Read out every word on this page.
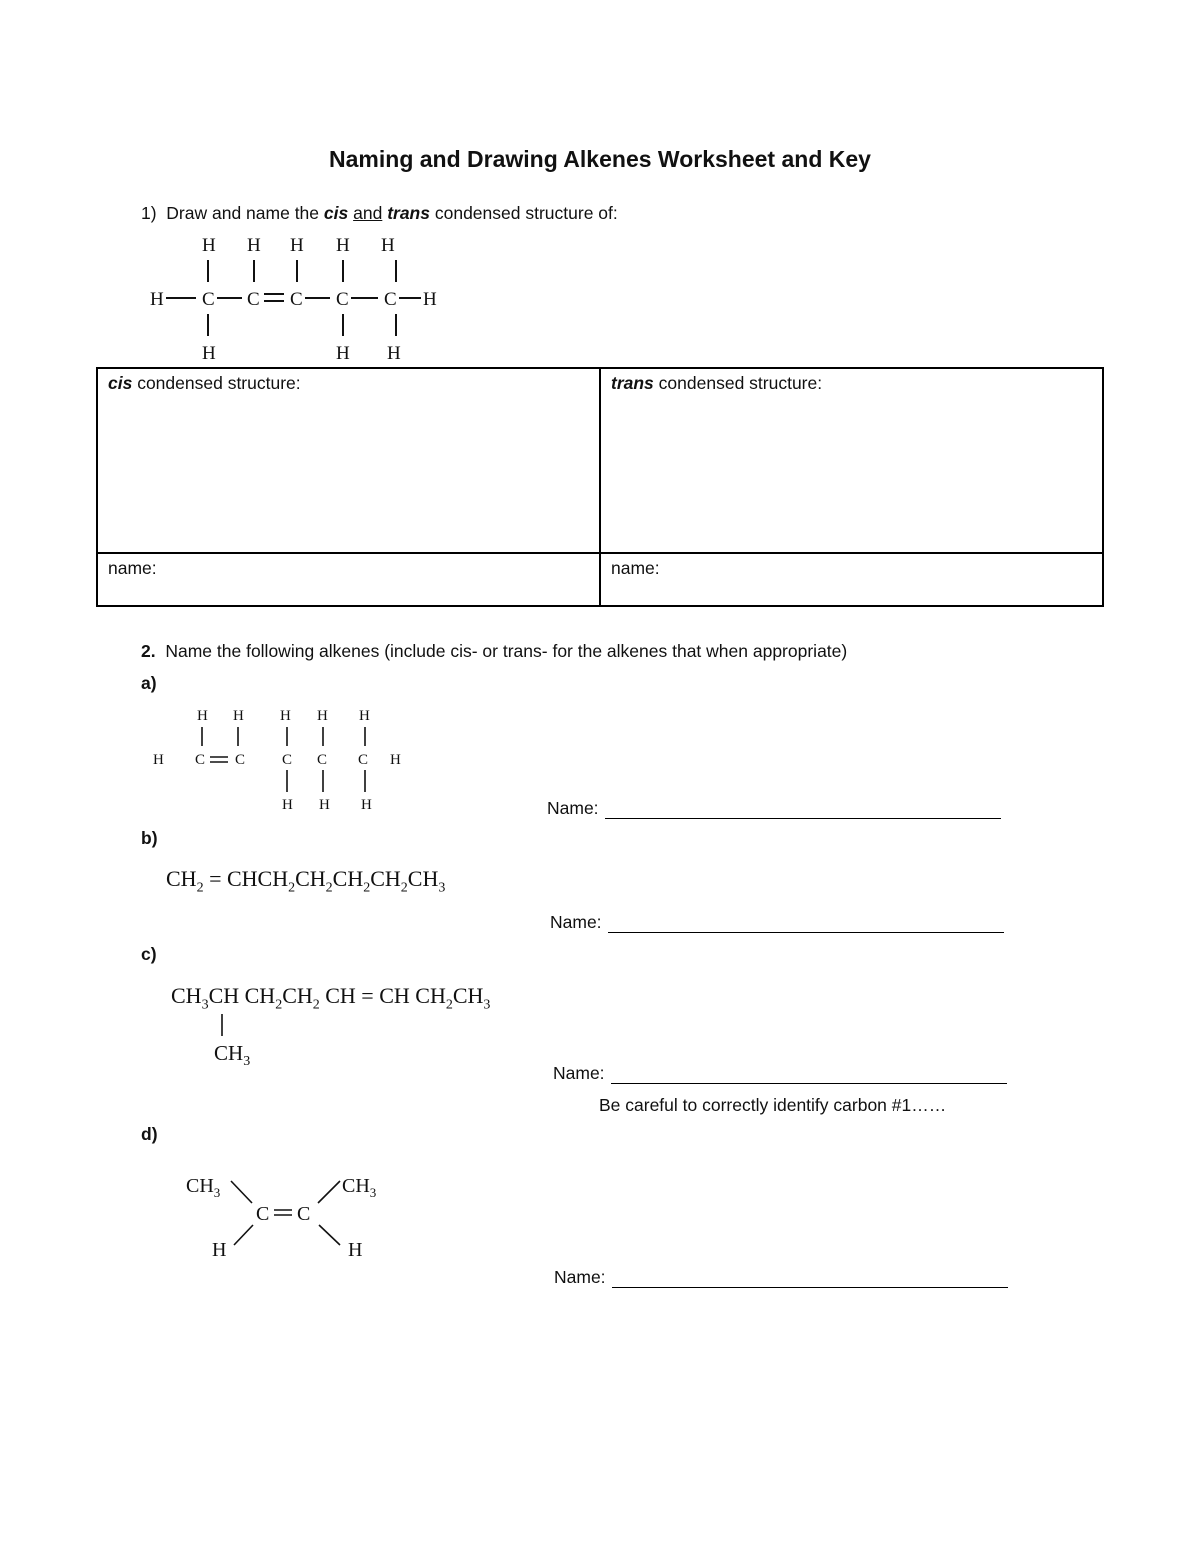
Naming and Drawing Alkenes Worksheet and Key
1) Draw and name the cis and trans condensed structure of:
H H H H H
H C C C C C H
H	H H
cis condensed structure:	trans condensed structure:
name:	name:
2. Name the following alkenes (include cis- or trans- for the alkenes that when appropriate)
a)
H H H H H
H C C C C C H
H H H	Name:
b)
$CH_2$ = $CHCH_2CH_2CH_2CH_2CH_3$
Name:
c)
$CH_3CH$ $CH_2CH_2$ CH = CH $CH_2CH_3$
$CH_3$
Name:
Be careful to correctly identify carbon #1……
d)
$CH_3$	$CH_3$
C C
H	H
Name:
